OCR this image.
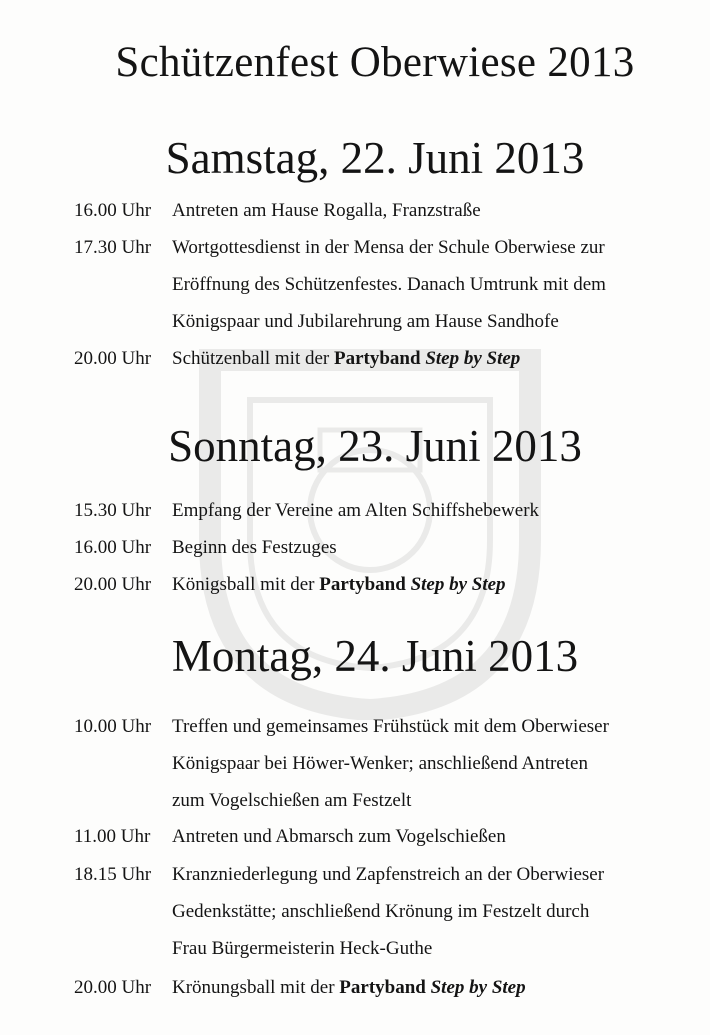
Schützenfest Oberwiese 2013
Samstag, 22. Juni 2013
16.00 Uhr	Antreten am Hause Rogalla, Franzstraße
17.30 Uhr	Wortgottesdienst in der Mensa der Schule Oberwiese zur
Eröffnung des Schützenfestes. Danach Umtrunk mit dem
Königspaar und Jubilarehrung am Hause Sandhofe
20.00 Uhr	Schützenball mit der Partyband Step by Step
Sonntag, 23. Juni 2013
15.30 Uhr	Empfang der Vereine am Alten Schiffshebewerk
16.00 Uhr	Beginn des Festzuges
20.00 Uhr	Königsball mit der Partyband Step by Step
Montag, 24. Juni 2013
10.00 Uhr	Treffen und gemeinsames Frühstück mit dem Oberwieser
Königspaar bei Höwer-Wenker; anschließend Antreten
zum Vogelschießen am Festzelt
11.00 Uhr	Antreten und Abmarsch zum Vogelschießen
18.15 Uhr	Kranzniederlegung und Zapfenstreich an der Oberwieser
Gedenkstätte; anschließend Krönung im Festzelt durch
Frau Bürgermeisterin Heck-Guthe
20.00 Uhr	Krönungsball mit der Partyband Step by Step
